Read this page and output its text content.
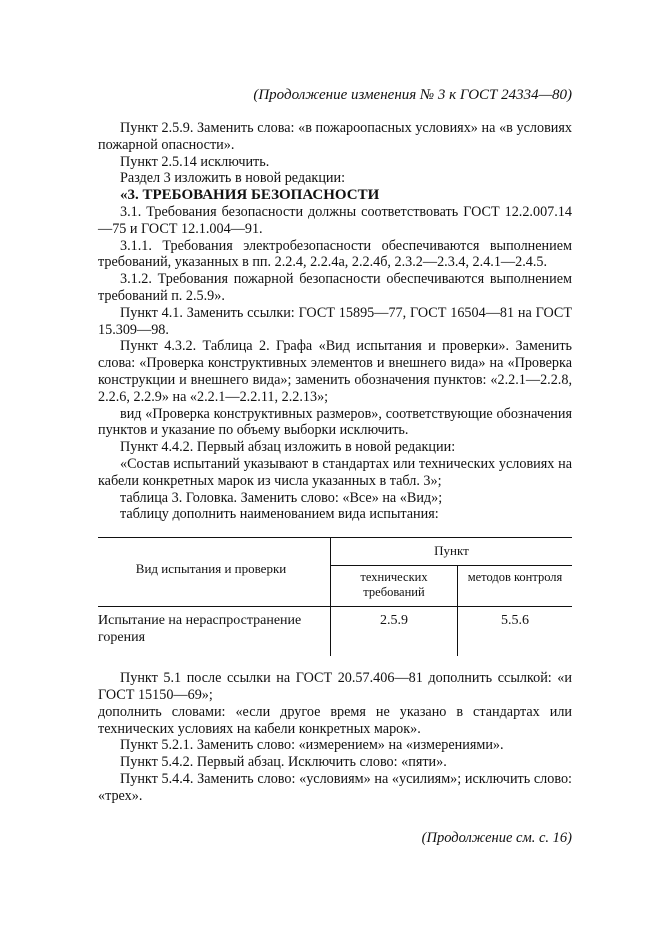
(Продолжение изменения № 3 к ГОСТ 24334—80)

Пункт 2.5.9. Заменить слова: «в пожароопасных условиях» на «в условиях пожарной опасности».

Пункт 2.5.14 исключить.

Раздел 3 изложить в новой редакции:

«3. ТРЕБОВАНИЯ БЕЗОПАСНОСТИ

3.1. Требования безопасности должны соответствовать ГОСТ 12.2.007.14—75 и ГОСТ 12.1.004—91.

3.1.1. Требования электробезопасности обеспечиваются выполнением требований, указанных в пп. 2.2.4, 2.2.4а, 2.2.4б, 2.3.2—2.3.4, 2.4.1—2.4.5.

3.1.2. Требования пожарной безопасности обеспечиваются выполнением требований п. 2.5.9».

Пункт 4.1. Заменить ссылки: ГОСТ 15895—77, ГОСТ 16504—81 на ГОСТ 15.309—98.

Пункт 4.3.2. Таблица 2. Графа «Вид испытания и проверки». Заменить слова: «Проверка конструктивных элементов и внешнего вида» на «Проверка конструкции и внешнего вида»; заменить обозначения пунктов: «2.2.1—2.2.8, 2.2.6, 2.2.9» на «2.2.1—2.2.11, 2.2.13»;

вид «Проверка конструктивных размеров», соответствующие обозначения пунктов и указание по объему выборки исключить.

Пункт 4.4.2. Первый абзац изложить в новой редакции:

«Состав испытаний указывают в стандартах или технических условиях на кабели конкретных марок из числа указанных в табл. 3»;

таблица 3. Головка. Заменить слово: «Все» на «Вид»;

таблицу дополнить наименованием вида испытания:

Вид испытания и проверки	Пункт	
	технических требований	методов контроля
Испытание на нераспространение горения	2.5.9	5.5.6

Пункт 5.1 после ссылки на ГОСТ 20.57.406—81 дополнить ссылкой: «и ГОСТ 15150—69»;

дополнить словами: «если другое время не указано в стандартах или технических условиях на кабели конкретных марок».

Пункт 5.2.1. Заменить слово: «измерением» на «измерениями».

Пункт 5.4.2. Первый абзац. Исключить слово: «пяти».

Пункт 5.4.4. Заменить слово: «условиям» на «усилиям»; исключить слово: «трех».

(Продолжение см. с. 16)
